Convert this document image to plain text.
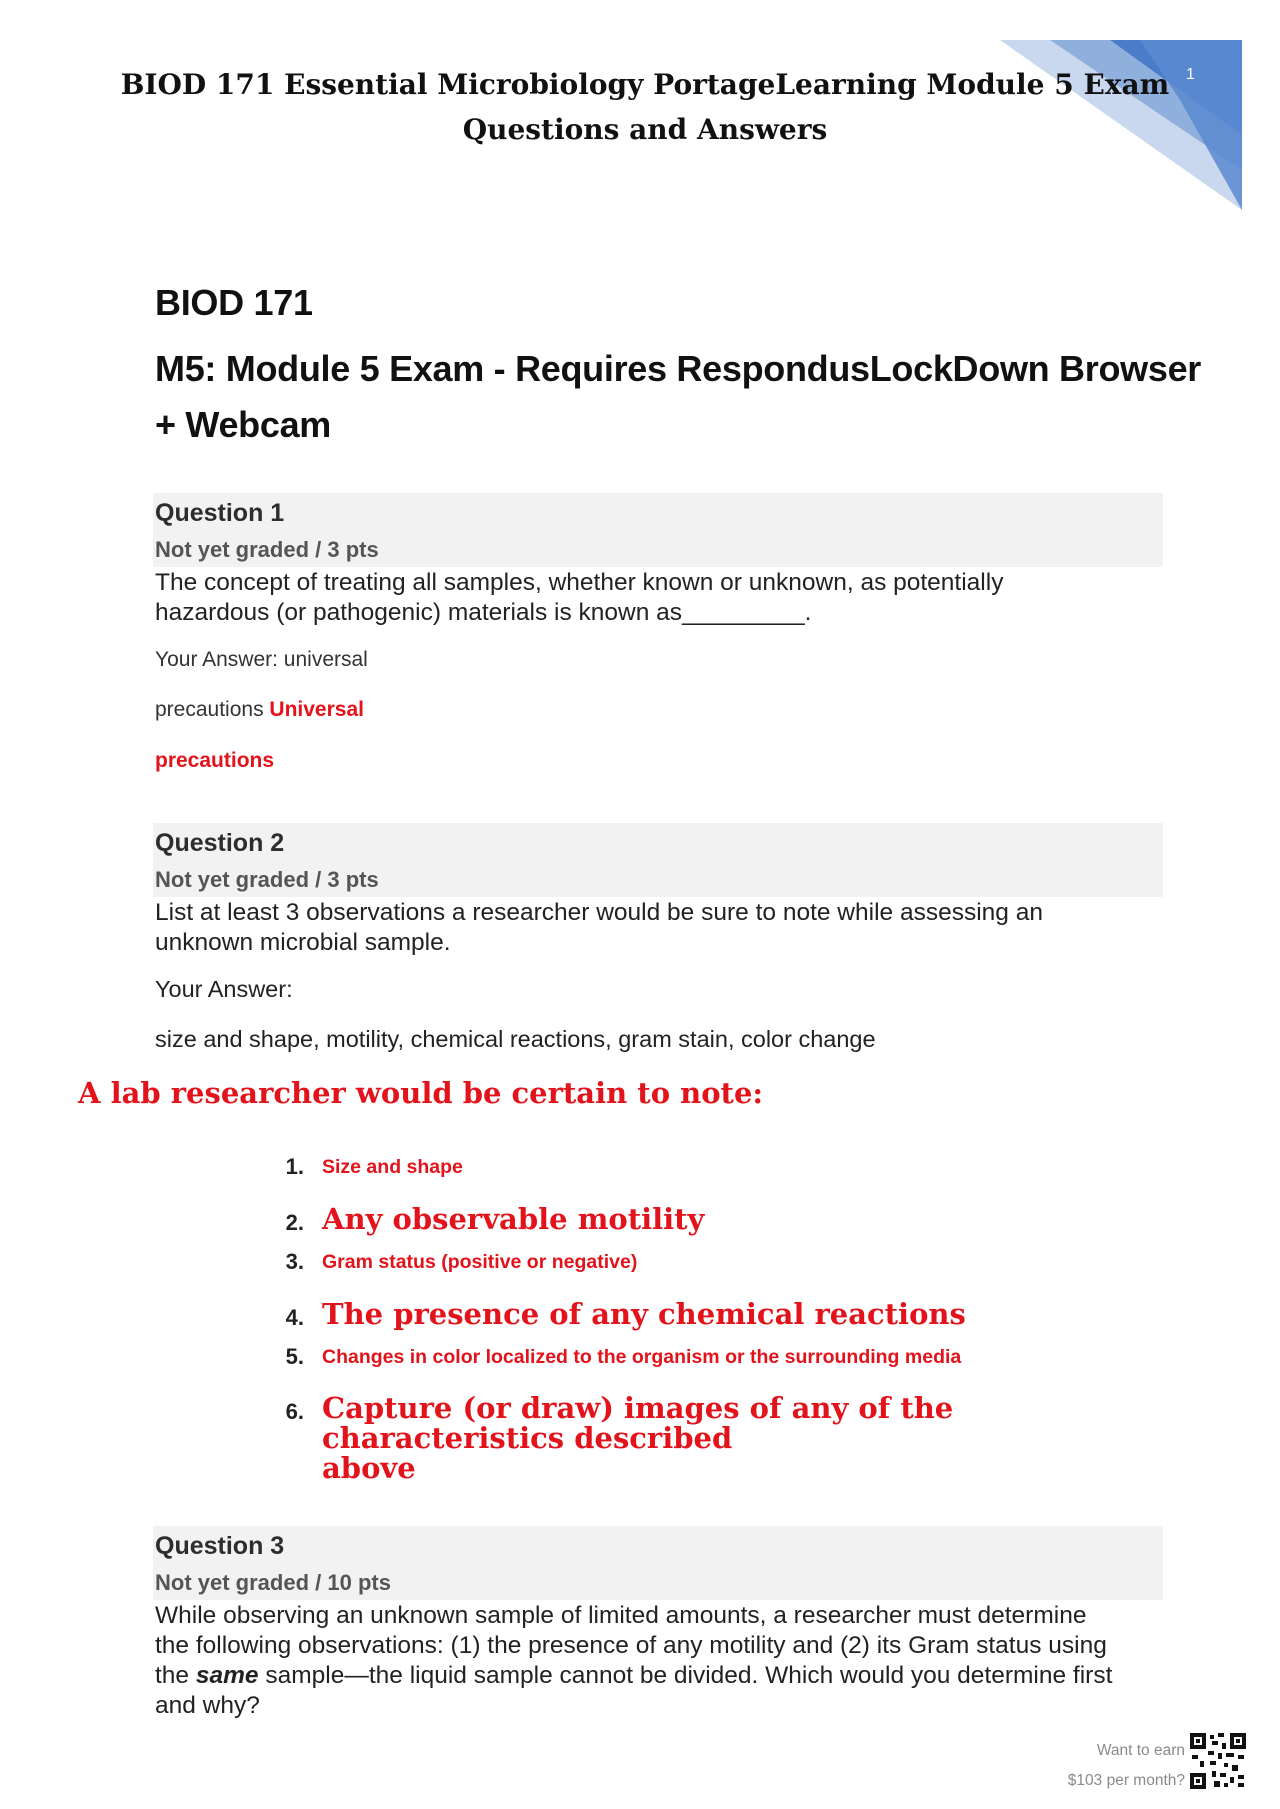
1
BIOD 171 Essential Microbiology PortageLearning Module 5 Exam
Questions and Answers
BIOD 171
M5: Module 5 Exam - Requires RespondusLockDown Browser
+ Webcam
Question 1
Not yet graded / 3 pts
The concept of treating all samples, whether known or unknown, as potentially
hazardous (or pathogenic) materials is known as_________.
Your Answer: universal
precautions Universal
precautions
Question 2
Not yet graded / 3 pts
List at least 3 observations a researcher would be sure to note while assessing an
unknown microbial sample.
Your Answer:
size and shape, motility, chemical reactions, gram stain, color change
A lab researcher would be certain to note:
1. Size and shape
2. Any observable motility
3. Gram status (positive or negative)
4. The presence of any chemical reactions
5. Changes in color localized to the organism or the surrounding media
6. Capture (or draw) images of any of the characteristics described
above
Question 3
Not yet graded / 10 pts
While observing an unknown sample of limited amounts, a researcher must determine
the following observations: (1) the presence of any motility and (2) its Gram status using
the same sample—the liquid sample cannot be divided. Which would you determine first
and why?
Want to earn
$103 per month?
